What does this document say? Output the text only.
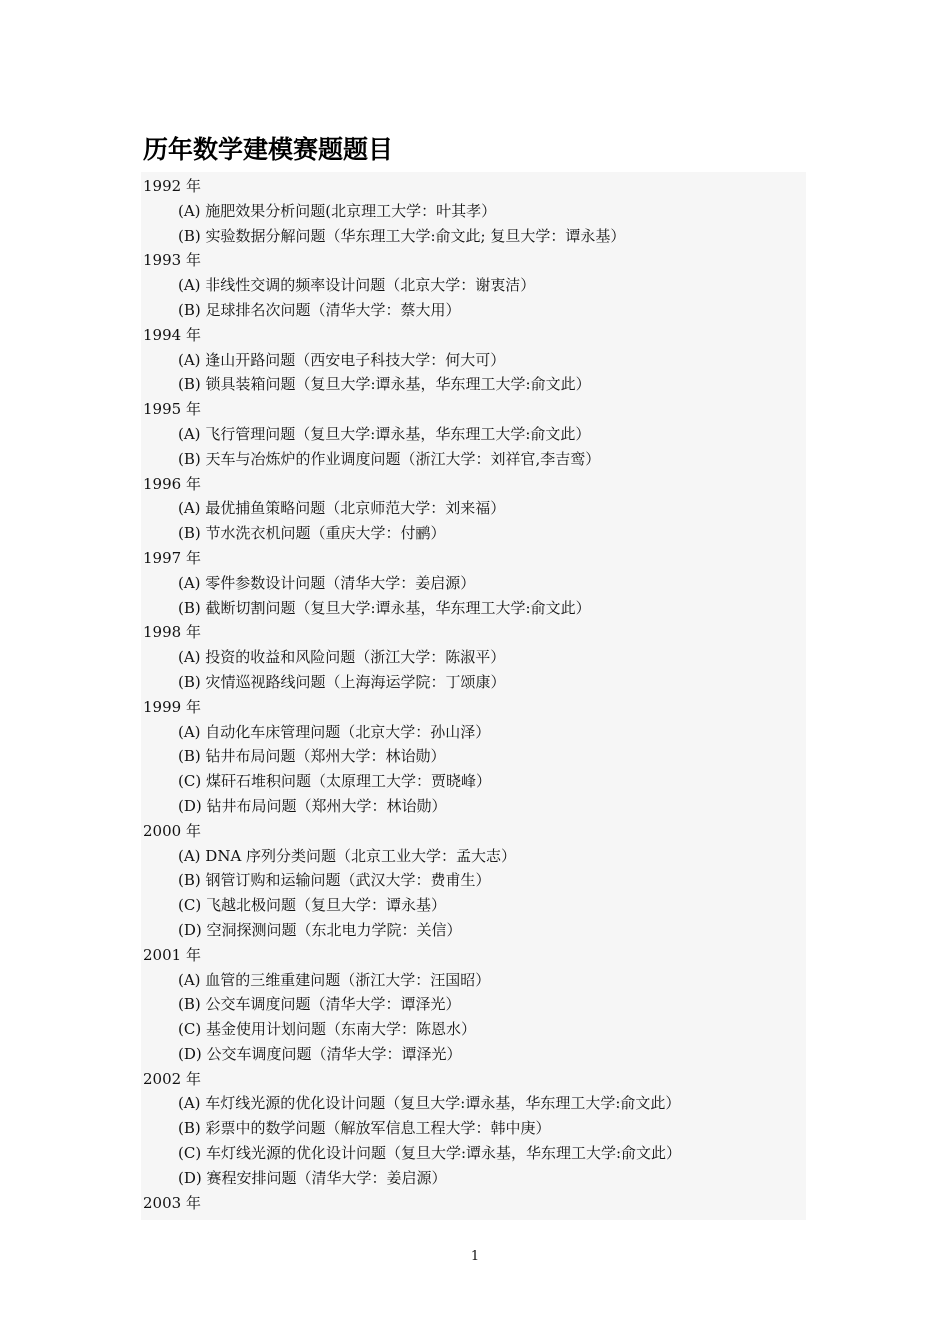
历年数学建模赛题题目
1992 年
(A) 施肥效果分析问题(北京理工大学：叶其孝）
(B) 实验数据分解问题（华东理工大学:俞文此; 复旦大学：谭永基）
1993 年
(A) 非线性交调的频率设计问题（北京大学：谢衷洁）
(B) 足球排名次问题（清华大学：蔡大用）
1994 年
(A) 逢山开路问题（西安电子科技大学：何大可）
(B) 锁具装箱问题（复旦大学:谭永基，华东理工大学:俞文此）
1995 年
(A) 飞行管理问题（复旦大学:谭永基，华东理工大学:俞文此）
(B) 天车与冶炼炉的作业调度问题（浙江大学：刘祥官,李吉鸾）
1996 年
(A) 最优捕鱼策略问题（北京师范大学：刘来福）
(B) 节水洗衣机问题（重庆大学：付鹂）
1997 年
(A) 零件参数设计问题（清华大学：姜启源）
(B) 截断切割问题（复旦大学:谭永基，华东理工大学:俞文此）
1998 年
(A) 投资的收益和风险问题（浙江大学：陈淑平）
(B) 灾情巡视路线问题（上海海运学院：丁颂康）
1999 年
(A) 自动化车床管理问题（北京大学：孙山泽）
(B) 钻井布局问题（郑州大学：林诒勋）
(C) 煤矸石堆积问题（太原理工大学：贾晓峰）
(D) 钻井布局问题（郑州大学：林诒勋）
2000 年
(A) DNA 序列分类问题（北京工业大学：孟大志）
(B) 钢管订购和运输问题（武汉大学：费甫生）
(C) 飞越北极问题（复旦大学：谭永基）
(D) 空洞探测问题（东北电力学院：关信）
2001 年
(A) 血管的三维重建问题（浙江大学：汪国昭）
(B) 公交车调度问题（清华大学：谭泽光）
(C) 基金使用计划问题（东南大学：陈恩水）
(D) 公交车调度问题（清华大学：谭泽光）
2002 年
(A) 车灯线光源的优化设计问题（复旦大学:谭永基，华东理工大学:俞文此）
(B) 彩票中的数学问题（解放军信息工程大学：韩中庚）
(C) 车灯线光源的优化设计问题（复旦大学:谭永基，华东理工大学:俞文此）
(D) 赛程安排问题（清华大学：姜启源）
2003 年
1
